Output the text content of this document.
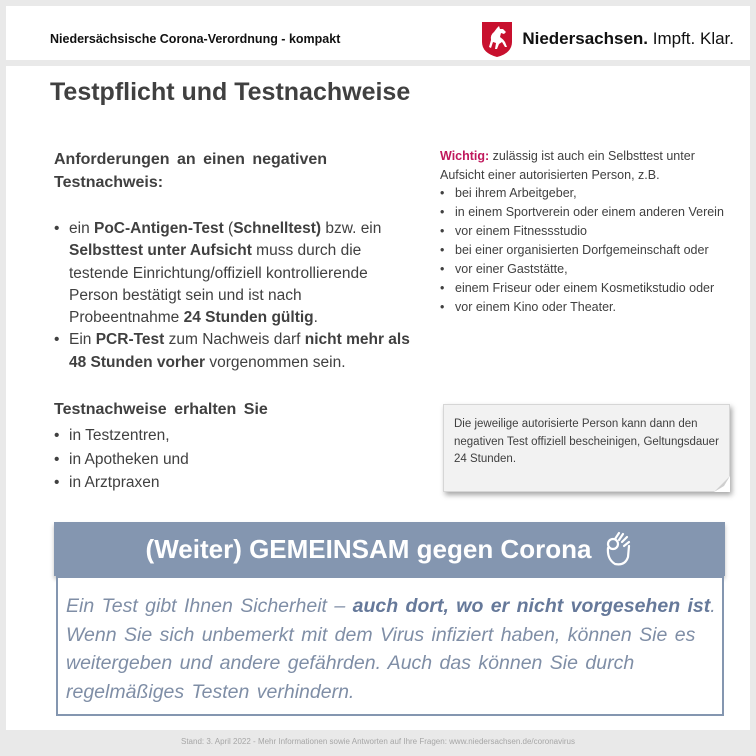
Niedersächsische Corona-Verordnung - kompakt	Niedersachsen. Impft. Klar.
Testpflicht und Testnachweise
Anforderungen an einen negativen Testnachweis:
• ein PoC-Antigen-Test (Schnelltest) bzw. ein Selbsttest unter Aufsicht muss durch die testende Einrichtung/offiziell kontrollierende Person bestätigt sein und ist nach Probeentnahme 24 Stunden gültig.
• Ein PCR-Test zum Nachweis darf nicht mehr als 48 Stunden vorher vorgenommen sein.
Testnachweise erhalten Sie
• in Testzentren,
• in Apotheken und
• in Arztpraxen
Wichtig: zulässig ist auch ein Selbsttest unter Aufsicht einer autorisierten Person, z.B.
• bei ihrem Arbeitgeber,
• in einem Sportverein oder einem anderen Verein
• vor einem Fitnessstudio
• bei einer organisierten Dorfgemeinschaft oder
• vor einer Gaststätte,
• einem Friseur oder einem Kosmetikstudio oder
• vor einem Kino oder Theater.
Die jeweilige autorisierte Person kann dann den negativen Test offiziell bescheinigen, Geltungsdauer 24 Stunden.
(Weiter) GEMEINSAM gegen Corona
Ein Test gibt Ihnen Sicherheit – auch dort, wo er nicht vorgesehen ist. Wenn Sie sich unbemerkt mit dem Virus infiziert haben, können Sie es weitergeben und andere gefährden. Auch das können Sie durch regelmäßiges Testen verhindern.
Stand: 3. April 2022 - Mehr Informationen sowie Antworten auf Ihre Fragen: www.niedersachsen.de/coronavirus
